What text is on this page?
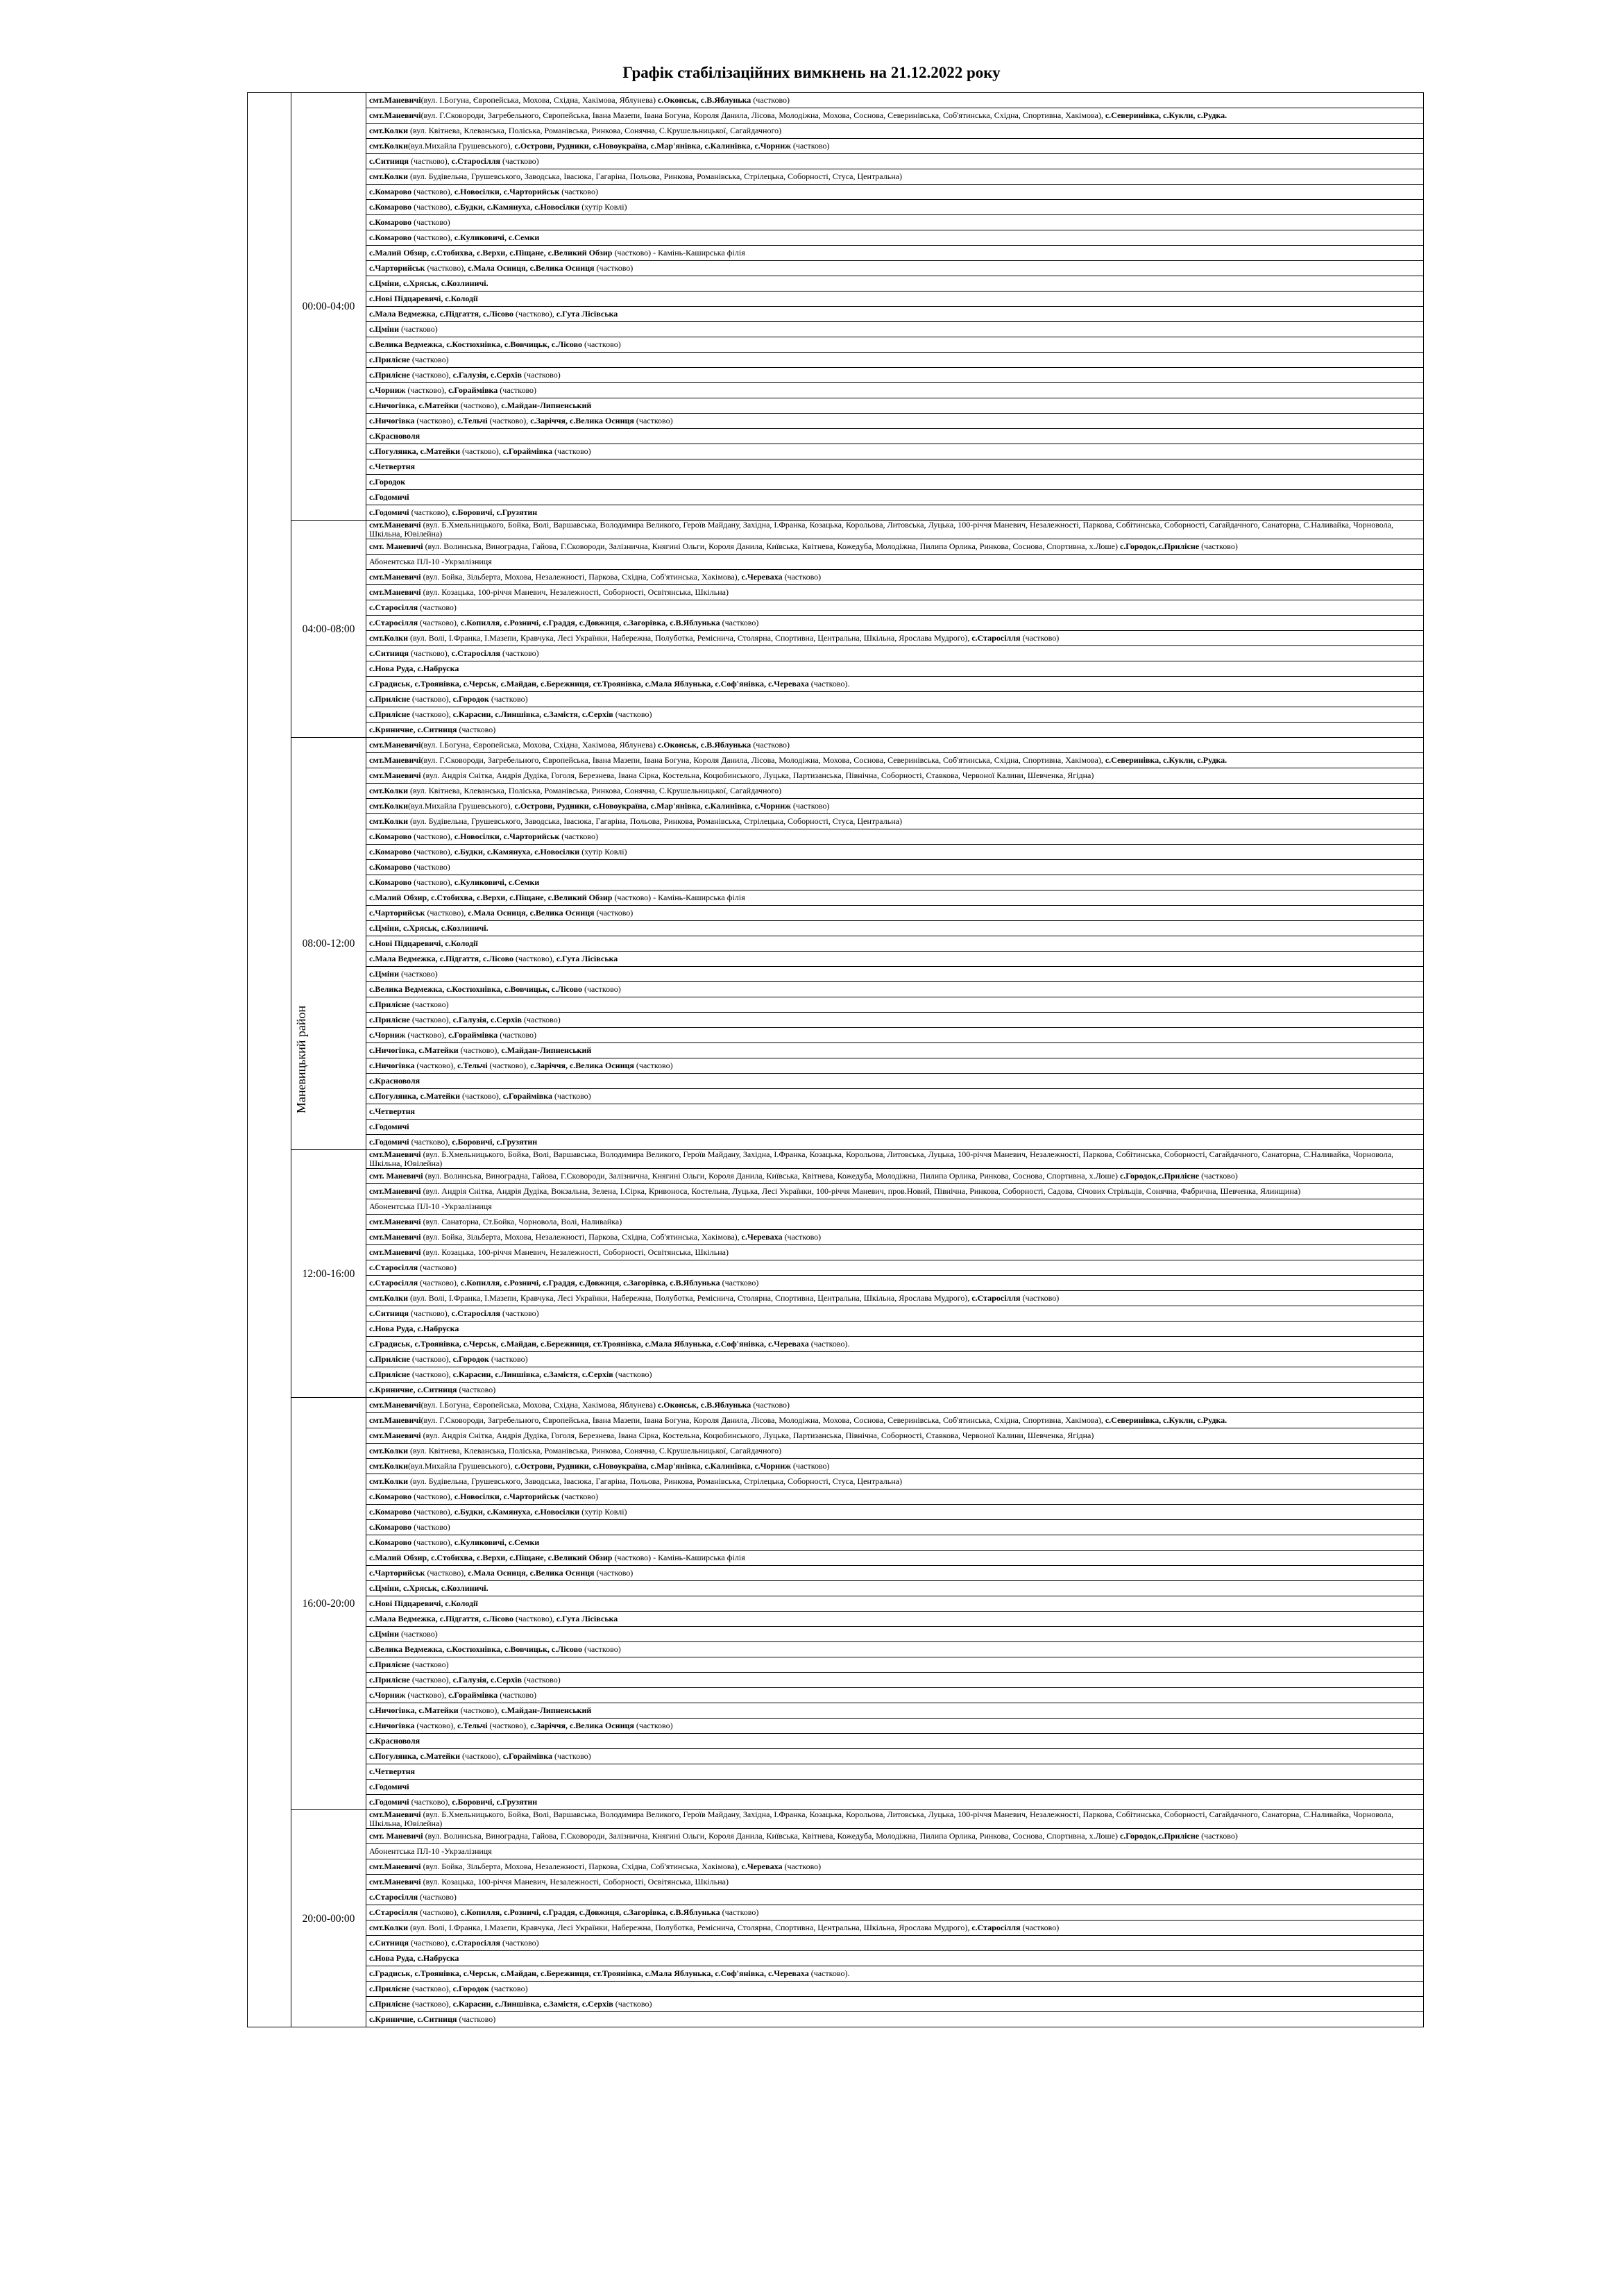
Графік стабілізаційних вимкнень на 21.12.2022 року
Маневицький район	00:00-04:00	смт.Маневичі(вул. І.Богуна, Європейська, Мохова, Східна, Хакімова, Яблунева) с.Оконськ, с.В.Яблунька (частково)
		смт.Маневичі(вул. Г.Сковороди, Загребельного, Європейська, Івана Мазепи, Івана Богуна, Короля Данила, Лісова, Молодіжна, Мохова, Соснова, Северинівська, Соб'ятинська, Східна, Спортивна, Хакімова), с.Северинівка, с.Кукли, с.Рудка.
		смт.Колки (вул. Квітнева, Клеванська, Поліська, Романівська, Ринкова, Сонячна, С.Крушельницької, Сагайдачного)
		смт.Колки(вул.Михайла Грушевського), с.Острови, Рудники, с.Новоукраїна, с.Мар'янівка, с.Калинівка, с.Чорниж (частково)
		с.Ситниця (частково), с.Старосілля (частково)
		смт.Колки (вул. Будівельна, Грушевського, Заводська, Івасюка, Гагаріна, Польова, Ринкова, Романівська, Стрілецька, Соборності, Стуса, Центральна)
		с.Комарово (частково), с.Новосілки, с.Чарторийськ (частково)
		с.Комарово (частково), с.Будки, с.Камянуха, с.Новосілки (хутір Ковлі)
		с.Комарово (частково)
		с.Комарово (частково), с.Куликовичі, с.Семки
		с.Малий Обзир, с.Стобихва, с.Верхи, с.Піщане, с.Великий Обзир (частково) - Камінь-Каширська філія
		с.Чарторийськ (частково), с.Мала Осниця, с.Велика Осниця (частково)
		с.Цміни, с.Хряськ, с.Козлиничі.
		с.Нові Підцаревичі, с.Колодії
		с.Мала Ведмежка, с.Підгаття, с.Лісово (частково), с.Гута Лісівська
		с.Цміни (частково)
		с.Велика Ведмежка, с.Костюхнівка, с.Вовчицьк, с.Лісово (частково)
		с.Прилісне (частково)
		с.Прилісне (частково), с.Галузія, с.Серхів (частково)
		с.Чорниж (частково), с.Гораймівка (частково)
		с.Ничогівка, с.Матейки (частково), с.Майдан-Липненський
		с.Ничогівка (частково), с.Тельчі (частково), с.Заріччя, с.Велика Осниця (частково)
		с.Красноволя
		с.Погулянка, с.Матейки (частково), с.Гораймівка (частково)
		с.Четвертня
		с.Городок
		с.Годомичі
		с.Годомичі (частково), с.Боровичі, с.Грузятин
	04:00-08:00	смт.Маневичі (вул. Б.Хмельницького, Бойка, Волі, Варшавська, Володимира Великого, Героїв Майдану, Західна, І.Франка, Козацька, Корольова, Литовська, Луцька, 100-річчя Маневич, Незалежності, Паркова, Собітинська, Соборності, Сагайдачного, Санаторна, С.Наливайка, Чорновола, Шкільна, Ювілейна)
		смт. Маневичі (вул. Волинська, Виноградна, Гайова, Г.Сковороди, Залізнична, Княгині Ольги, Короля Данила, Київська, Квітнева, Кожедуба, Молодіжна, Пилипа Орлика, Ринкова, Соснова, Спортивна, х.Лоше) с.Городок,с.Прилісне (частково)
		Абонентська ПЛ-10 -Укрзалізниця
		смт.Маневичі (вул. Бойка, Зільберта, Мохова, Незалежності, Паркова, Східна, Соб'ятинська, Хакімова), с.Череваха (частково)
		смт.Маневичі (вул. Козацька, 100-річчя Маневич, Незалежності, Соборності, Освітянська, Шкільна)
		с.Старосілля (частково)
		с.Старосілля (частково), с.Копилля, с.Розничі, с.Граддя, с.Довжиця, с.Загорівка, с.В.Яблунька (частково)
		смт.Колки (вул. Волі, І.Франка, І.Мазепи, Кравчука, Лесі Українки, Набережна, Полуботка, Ремісничa, Столярна, Спортивна, Центральна, Шкільна, Ярослава Мудрого), с.Старосілля (частково)
		с.Ситниця (частково), с.Старосілля (частково)
		с.Нова Руда, с.Набруска
		с.Градиськ, с.Троянівка, с.Черськ, с.Майдан, с.Бережниця, ст.Троянівка, с.Мала Яблунька, с.Соф'янівка, с.Череваха (частково).
		с.Прилісне (частково), с.Городок (частково)
		с.Прилісне (частково), с.Карасин, с.Линшівка, с.Замістя, с.Серхів (частково)
		с.Криничне, с.Ситниця (частково)
	08:00-12:00	смт.Маневичі(вул. І.Богуна, Європейська, Мохова, Східна, Хакімова, Яблунева) с.Оконськ, с.В.Яблунька (частково)
		смт.Маневичі(вул. Г.Сковороди, Загребельного, Європейська, Івана Мазепи, Івана Богуна, Короля Данила, Лісова, Молодіжна, Мохова, Соснова, Северинівська, Соб'ятинська, Східна, Спортивна, Хакімова), с.Северинівка, с.Кукли, с.Рудка.
		смт.Маневичі (вул. Андрія Снітка, Андрія Дудіка, Гоголя, Березнева, Івана Сірка, Костельна, Коцюбинського, Луцька, Партизанська, Північна, Соборності, Ставкова, Червоної Калини, Шевченка, Ягідна)
		смт.Колки (вул. Квітнева, Клеванська, Поліська, Романівська, Ринкова, Сонячна, С.Крушельницької, Сагайдачного)
		смт.Колки(вул.Михайла Грушевського), с.Острови, Рудники, с.Новоукраїна, с.Мар'янівка, с.Калинівка, с.Чорниж (частково)
		смт.Колки (вул. Будівельна, Грушевського, Заводська, Івасюка, Гагаріна, Польова, Ринкова, Романівська, Стрілецька, Соборності, Стуса, Центральна)
		с.Комарово (частково), с.Новосілки, с.Чарторийськ (частково)
		с.Комарово (частково), с.Будки, с.Камянуха, с.Новосілки (хутір Ковлі)
		с.Комарово (частково)
		с.Комарово (частково), с.Куликовичі, с.Семки
		с.Малий Обзир, с.Стобихва, с.Верхи, с.Піщане, с.Великий Обзир (частково) - Камінь-Каширська філія
		с.Чарторийськ (частково), с.Мала Осниця, с.Велика Осниця (частково)
		с.Цміни, с.Хряськ, с.Козлиничі.
		с.Нові Підцаревичі, с.Колодії
		с.Мала Ведмежка, с.Підгаття, с.Лісово (частково), с.Гута Лісівська
		с.Цміни (частково)
		с.Велика Ведмежка, с.Костюхнівка, с.Вовчицьк, с.Лісово (частково)
		с.Прилісне (частково)
		с.Прилісне (частково), с.Галузія, с.Серхів (частково)
		с.Чорниж (частково), с.Гораймівка (частково)
		с.Ничогівка, с.Матейки (частково), с.Майдан-Липненський
		с.Ничогівка (частково), с.Тельчі (частково), с.Заріччя, с.Велика Осниця (частково)
		с.Красноволя
		с.Погулянка, с.Матейки (частково), с.Гораймівка (частково)
		с.Четвертня
		с.Годомичі
		с.Годомичі (частково), с.Боровичі, с.Грузятин
	12:00-16:00	смт.Маневичі (вул. Б.Хмельницького, Бойка, Волі, Варшавська, Володимира Великого, Героїв Майдану, Західна, І.Франка, Козацька, Корольова, Литовська, Луцька, 100-річчя Маневич, Незалежності, Паркова, Собітинська, Соборності, Сагайдачного, Санаторна, С.Наливайка, Чорновола, Шкільна, Ювілейна)
		смт. Маневичі (вул. Волинська, Виноградна, Гайова, Г.Сковороди, Залізнична, Княгині Ольги, Короля Данила, Київська, Квітнева, Кожедуба, Молодіжна, Пилипа Орлика, Ринкова, Соснова, Спортивна, х.Лоше) с.Городок,с.Прилісне (частково)
		смт.Маневичі (вул. Андрія Снітка, Андрія Дудіка, Вокзальна, Зелена, І.Сірка, Кривоноса, Костельна, Луцька, Лесі Українки, 100-річчя Маневич, пров.Новий, Північна, Ринкова, Соборності, Садова, Січових Стрільців, Сонячна, Фабрична, Шевченка, Ялинщина)
		Абонентська ПЛ-10 -Укрзалізниця
		смт.Маневичі (вул. Санаторна, Ст.Бойка, Чорновола, Волі, Наливайка)
		смт.Маневичі (вул. Бойка, Зільберта, Мохова, Незалежності, Паркова, Східна, Соб'ятинська, Хакімова), с.Череваха (частково)
		смт.Маневичі (вул. Козацька, 100-річчя Маневич, Незалежності, Соборності, Освітянська, Шкільна)
		с.Старосілля (частково)
		с.Старосілля (частково), с.Копилля, с.Розничі, с.Граддя, с.Довжиця, с.Загорівка, с.В.Яблунька (частково)
		смт.Колки (вул. Волі, І.Франка, І.Мазепи, Кравчука, Лесі Українки, Набережна, Полуботка, Ремісничa, Столярна, Спортивна, Центральна, Шкільна, Ярослава Мудрого), с.Старосілля (частково)
		с.Ситниця (частково), с.Старосілля (частково)
		с.Нова Руда, с.Набруска
		с.Градиськ, с.Троянівка, с.Черськ, с.Майдан, с.Бережниця, ст.Троянівка, с.Мала Яблунька, с.Соф'янівка, с.Череваха (частково).
		с.Прилісне (частково), с.Городок (частково)
		с.Прилісне (частково), с.Карасин, с.Линшівка, с.Замістя, с.Серхів (частково)
		с.Криничне, с.Ситниця (частково)
	16:00-20:00	смт.Маневичі(вул. І.Богуна, Європейська, Мохова, Східна, Хакімова, Яблунева) с.Оконськ, с.В.Яблунька (частково)
		смт.Маневичі(вул. Г.Сковороди, Загребельного, Європейська, Івана Мазепи, Івана Богуна, Короля Данила, Лісова, Молодіжна, Мохова, Соснова, Северинівська, Соб'ятинська, Східна, Спортивна, Хакімова), с.Северинівка, с.Кукли, с.Рудка.
		смт.Маневичі (вул. Андрія Снітка, Андрія Дудіка, Гоголя, Березнева, Івана Сірка, Костельна, Коцюбинського, Луцька, Партизанська, Північна, Соборності, Ставкова, Червоної Калини, Шевченка, Ягідна)
		смт.Колки (вул. Квітнева, Клеванська, Поліська, Романівська, Ринкова, Сонячна, С.Крушельницької, Сагайдачного)
		смт.Колки(вул.Михайла Грушевського), с.Острови, Рудники, с.Новоукраїна, с.Мар'янівка, с.Калинівка, с.Чорниж (частково)
		смт.Колки (вул. Будівельна, Грушевського, Заводська, Івасюка, Гагаріна, Польова, Ринкова, Романівська, Стрілецька, Соборності, Стуса, Центральна)
		с.Комарово (частково), с.Новосілки, с.Чарторийськ (частково)
		с.Комарово (частково), с.Будки, с.Камянуха, с.Новосілки (хутір Ковлі)
		с.Комарово (частково)
		с.Комарово (частково), с.Куликовичі, с.Семки
		с.Малий Обзир, с.Стобихва, с.Верхи, с.Піщане, с.Великий Обзир (частково) - Камінь-Каширська філія
		с.Чарторийськ (частково), с.Мала Осниця, с.Велика Осниця (частково)
		с.Цміни, с.Хряськ, с.Козлиничі.
		с.Нові Підцаревичі, с.Колодії
		с.Мала Ведмежка, с.Підгаття, с.Лісово (частково), с.Гута Лісівська
		с.Цміни (частково)
		с.Велика Ведмежка, с.Костюхнівка, с.Вовчицьк, с.Лісово (частково)
		с.Прилісне (частково)
		с.Прилісне (частково), с.Галузія, с.Серхів (частково)
		с.Чорниж (частково), с.Гораймівка (частково)
		с.Ничогівка, с.Матейки (частково), с.Майдан-Липненський
		с.Ничогівка (частково), с.Тельчі (частково), с.Заріччя, с.Велика Осниця (частково)
		с.Красноволя
		с.Погулянка, с.Матейки (частково), с.Гораймівка (частково)
		с.Четвертня
		с.Годомичі
		с.Годомичі (частково), с.Боровичі, с.Грузятин
	20:00-00:00	смт.Маневичі (вул. Б.Хмельницького, Бойка, Волі, Варшавська, Володимира Великого, Героїв Майдану, Західна, І.Франка, Козацька, Корольова, Литовська, Луцька, 100-річчя Маневич, Незалежності, Паркова, Собітинська, Соборності, Сагайдачного, Санаторна, С.Наливайка, Чорновола, Шкільна, Ювілейна)
		смт. Маневичі (вул. Волинська, Виноградна, Гайова, Г.Сковороди, Залізнична, Княгині Ольги, Короля Данила, Київська, Квітнева, Кожедуба, Молодіжна, Пилипа Орлика, Ринкова, Соснова, Спортивна, х.Лоше) с.Городок,с.Прилісне (частково)
		Абонентська ПЛ-10 -Укрзалізниця
		смт.Маневичі (вул. Бойка, Зільберта, Мохова, Незалежності, Паркова, Східна, Соб'ятинська, Хакімова), с.Череваха (частково)
		смт.Маневичі (вул. Козацька, 100-річчя Маневич, Незалежності, Соборності, Освітянська, Шкільна)
		с.Старосілля (частково)
		с.Старосілля (частково), с.Копилля, с.Розничі, с.Граддя, с.Довжиця, с.Загорівка, с.В.Яблунька (частково)
		смт.Колки (вул. Волі, І.Франка, І.Мазепи, Кравчука, Лесі Українки, Набережна, Полуботка, Ремісничa, Столярна, Спортивна, Центральна, Шкільна, Ярослава Мудрого), с.Старосілля (частково)
		с.Ситниця (частково), с.Старосілля (частково)
		с.Нова Руда, с.Набруска
		с.Градиськ, с.Троянівка, с.Черськ, с.Майдан, с.Бережниця, ст.Троянівка, с.Мала Яблунька, с.Соф'янівка, с.Череваха (частково).
		с.Прилісне (частково), с.Городок (частково)
		с.Прилісне (частково), с.Карасин, с.Линшівка, с.Замістя, с.Серхів (частково)
		с.Криничне, с.Ситниця (частково)
